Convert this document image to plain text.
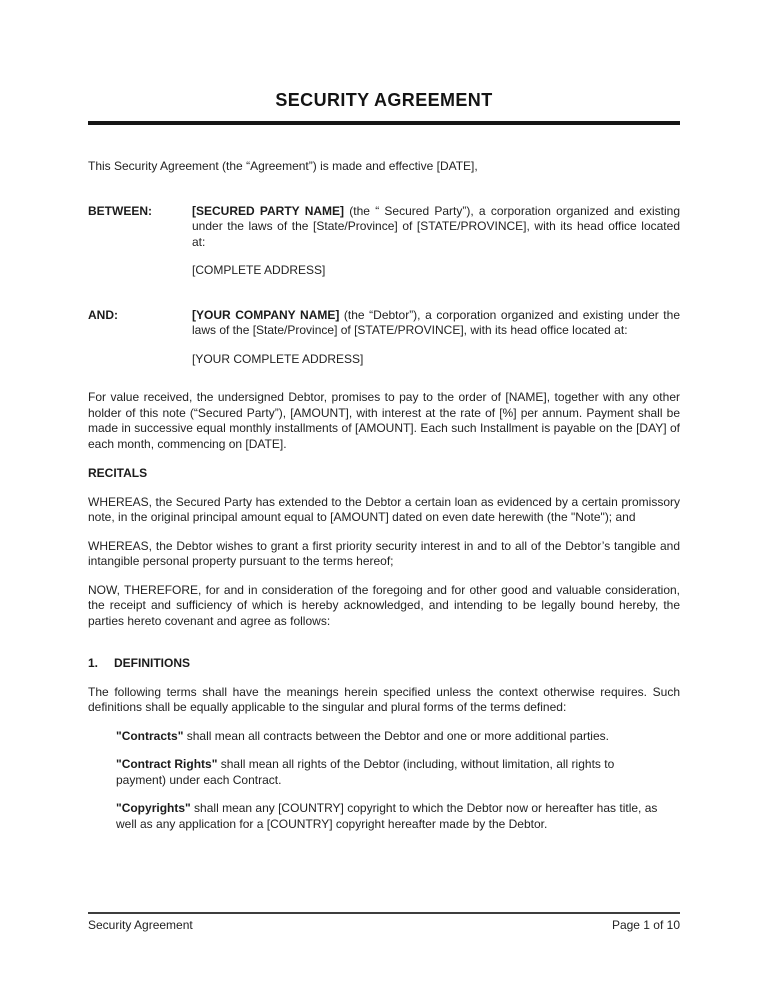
SECURITY AGREEMENT

This Security Agreement (the “Agreement”) is made and effective [DATE],

BETWEEN:	[SECURED PARTY NAME] (the “ Secured Party”), a corporation organized and existing under the laws of the [State/Province] of [STATE/PROVINCE], with its head office located at:

[COMPLETE ADDRESS]

AND:	[YOUR COMPANY NAME] (the “Debtor”), a corporation organized and existing under the laws of the [State/Province] of [STATE/PROVINCE], with its head office located at:

[YOUR COMPLETE ADDRESS]

For value received, the undersigned Debtor, promises to pay to the order of [NAME], together with any other holder of this note (“Secured Party”), [AMOUNT], with interest at the rate of [%] per annum. Payment shall be made in successive equal monthly installments of [AMOUNT]. Each such Installment is payable on the [DAY] of each month, commencing on [DATE].

RECITALS

WHEREAS, the Secured Party has extended to the Debtor a certain loan as evidenced by a certain promissory note, in the original principal amount equal to [AMOUNT] dated on even date herewith (the "Note"); and

WHEREAS, the Debtor wishes to grant a first priority security interest in and to all of the Debtor’s tangible and intangible personal property pursuant to the terms hereof;

NOW, THEREFORE, for and in consideration of the foregoing and for other good and valuable consideration, the receipt and sufficiency of which is hereby acknowledged, and intending to be legally bound hereby, the parties hereto covenant and agree as follows:

1.	DEFINITIONS

The following terms shall have the meanings herein specified unless the context otherwise requires. Such definitions shall be equally applicable to the singular and plural forms of the terms defined:

"Contracts" shall mean all contracts between the Debtor and one or more additional parties.

"Contract Rights" shall mean all rights of the Debtor (including, without limitation, all rights to payment) under each Contract.

"Copyrights" shall mean any [COUNTRY] copyright to which the Debtor now or hereafter has title, as well as any application for a [COUNTRY] copyright hereafter made by the Debtor.

Security Agreement	Page 1 of 10
